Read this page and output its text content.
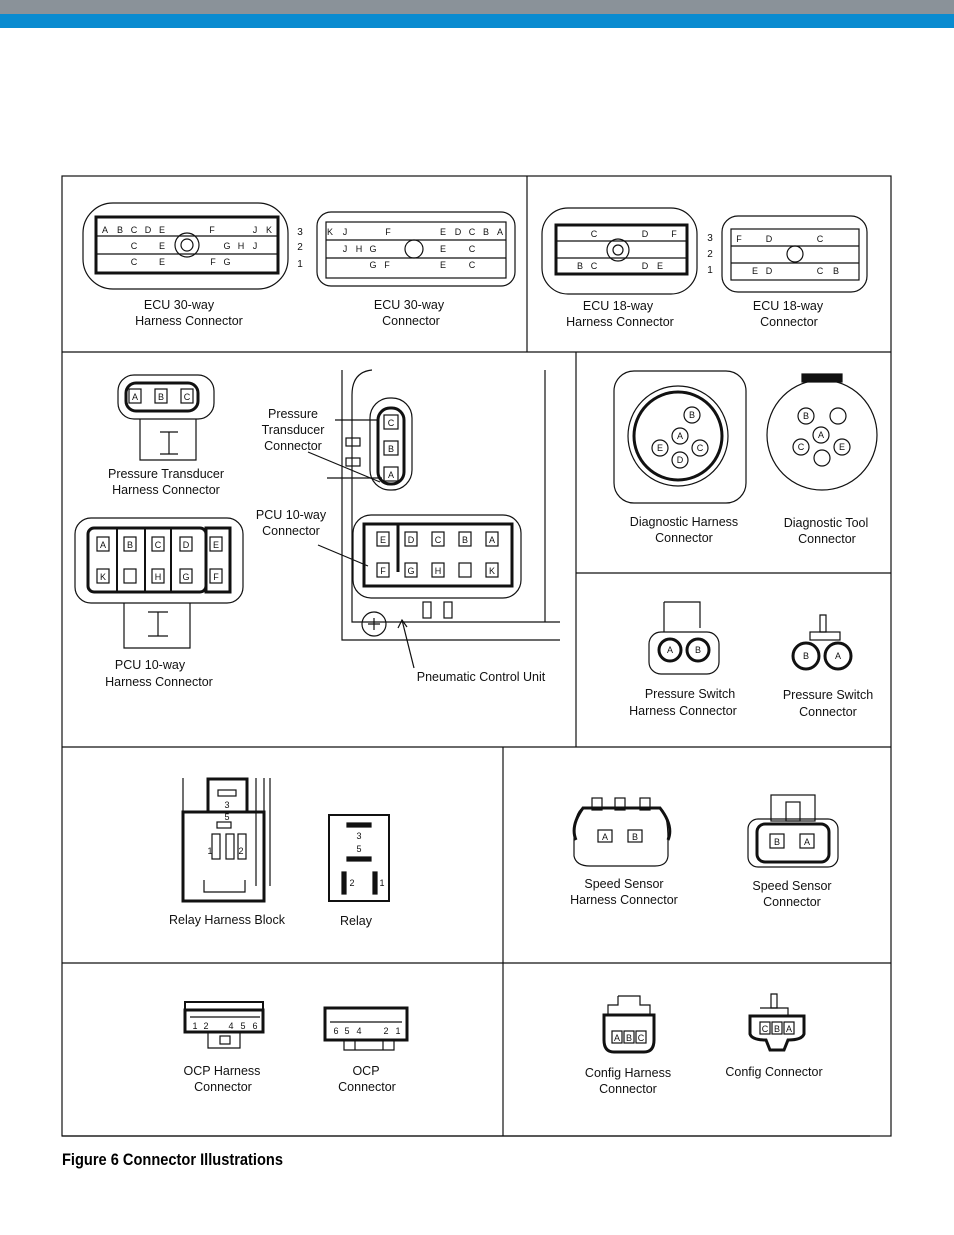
ECU 30-way
Harness Connector
ECU 30-way
Connector
ECU 18-way
Harness Connector
ECU 18-way
Connector
3
2
1
3
2
1
Pressure Transducer
Harness Connector
Pressure
Transducer
Connector
PCU 10-way
Connector
PCU 10-way
Harness Connector	Pneumatic Control Unit
Diagnostic Harness
Connector
Diagnostic Tool
Connector
Pressure Switch
Harness Connector
Pressure Switch
Connector
Relay Harness Block	Relay
Speed Sensor
Harness Connector
Speed Sensor
Connector
OCP Harness
Connector
OCP
Connector
Config Harness
Connector
Config Connector
A B C D E	F	J K
C E	G H J
C E	F G
K J	F	E D C B A
J H G	E	C
G F	E	C
C	D	F
B C	D E
F	D	C
E D	C B
A B C
C
B
A
A B C D	E
K	H G	F
E D C B A
F G H	K
A
B
C
D
E
A
B
C	E
A B
B	A
3
5
1	2
3
5
2	1
A	B	B	A
1 2 4 5 6	6 5 4 2 1
A B C
C B A
Figure 6 Connector Illustrations
